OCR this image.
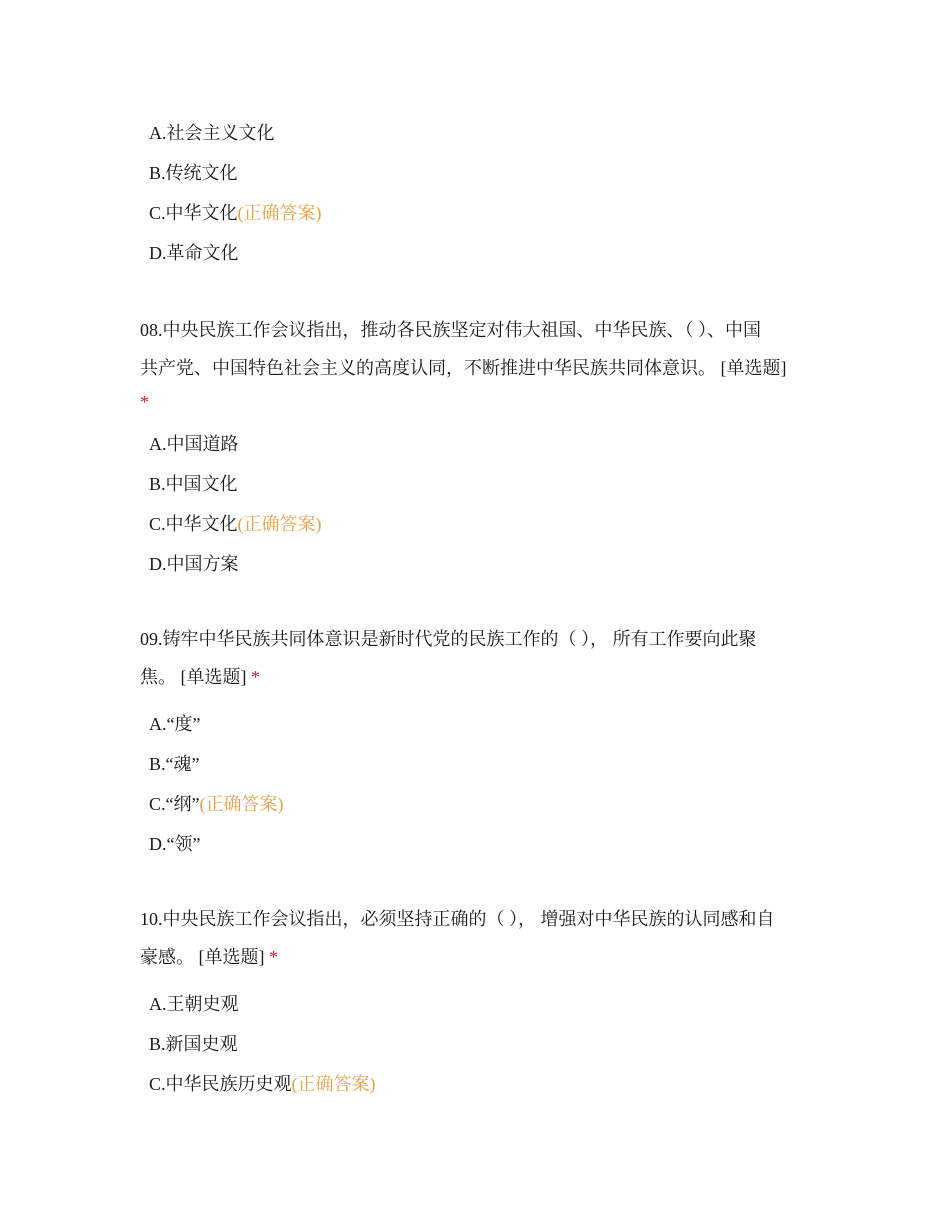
A.社会主义文化
B.传统文化
C.中华文化(正确答案)
D.革命文化
08.中央民族工作会议指出，推动各民族坚定对伟大祖国、中华民族、（ ）、中国
共产党、中国特色社会主义的高度认同，不断推进中华民族共同体意识。 [单选题]
*
A.中国道路
B.中国文化
C.中华文化(正确答案)
D.中国方案
09.铸牢中华民族共同体意识是新时代党的民族工作的（ ）， 所有工作要向此聚
焦。 [单选题] *
A.“度”
B.“魂”
C.“纲”(正确答案)
D.“领”
10.中央民族工作会议指出，必须坚持正确的（ ）， 增强对中华民族的认同感和自
豪感。 [单选题] *
A.王朝史观
B.新国史观
C.中华民族历史观(正确答案)
